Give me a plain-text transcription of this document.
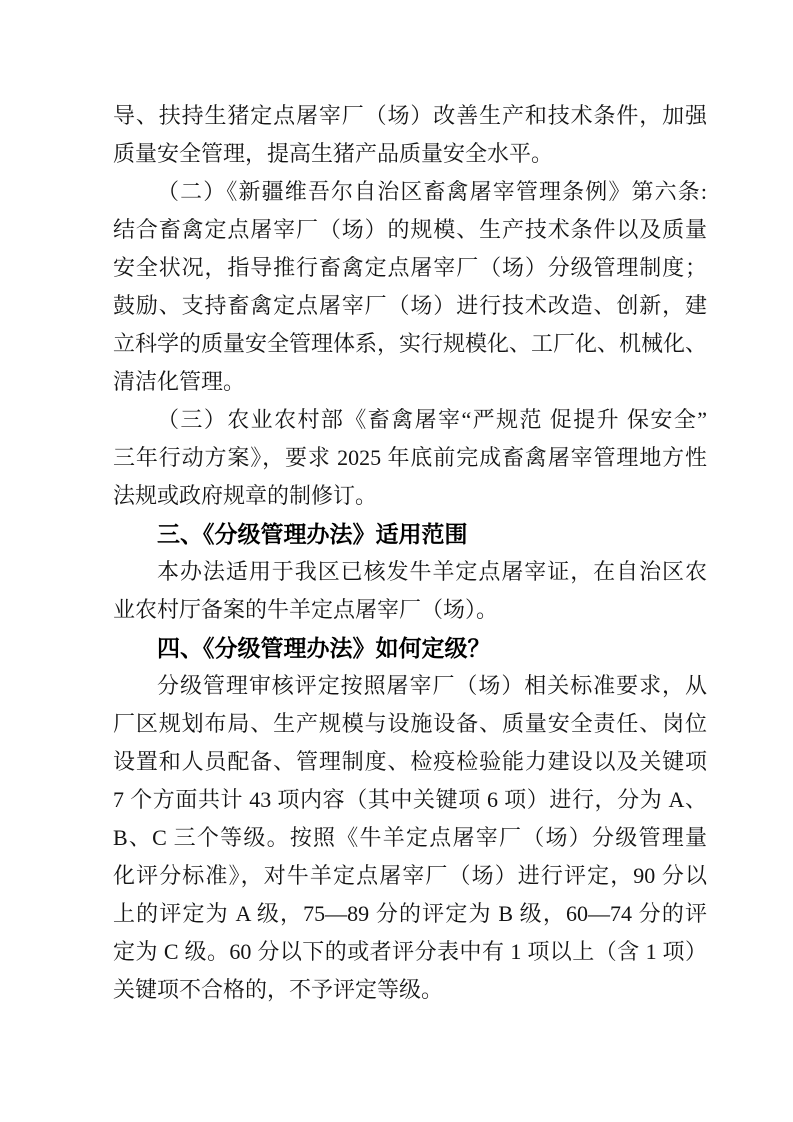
导、扶持生猪定点屠宰厂（场）改善生产和技术条件，加强
质量安全管理，提高生猪产品质量安全水平。
（二）《新疆维吾尔自治区畜禽屠宰管理条例》第六条:
结合畜禽定点屠宰厂（场）的规模、生产技术条件以及质量
安全状况，指导推行畜禽定点屠宰厂（场）分级管理制度；
鼓励、支持畜禽定点屠宰厂（场）进行技术改造、创新，建
立科学的质量安全管理体系，实行规模化、工厂化、机械化、
清洁化管理。
（三）农业农村部《畜禽屠宰“严规范 促提升 保安全”
三年行动方案》，要求 2025 年底前完成畜禽屠宰管理地方性
法规或政府规章的制修订。
三、《分级管理办法》适用范围
本办法适用于我区已核发牛羊定点屠宰证，在自治区农
业农村厅备案的牛羊定点屠宰厂（场）。
四、《分级管理办法》如何定级？
分级管理审核评定按照屠宰厂（场）相关标准要求，从
厂区规划布局、生产规模与设施设备、质量安全责任、岗位
设置和人员配备、管理制度、检疫检验能力建设以及关键项
7 个方面共计 43 项内容（其中关键项 6 项）进行，分为 A、
B、C 三个等级。按照《牛羊定点屠宰厂（场）分级管理量
化评分标准》，对牛羊定点屠宰厂（场）进行评定，90 分以
上的评定为 A 级，75—89 分的评定为 B 级，60—74 分的评
定为 C 级。60 分以下的或者评分表中有 1 项以上（含 1 项）
关键项不合格的，不予评定等级。
